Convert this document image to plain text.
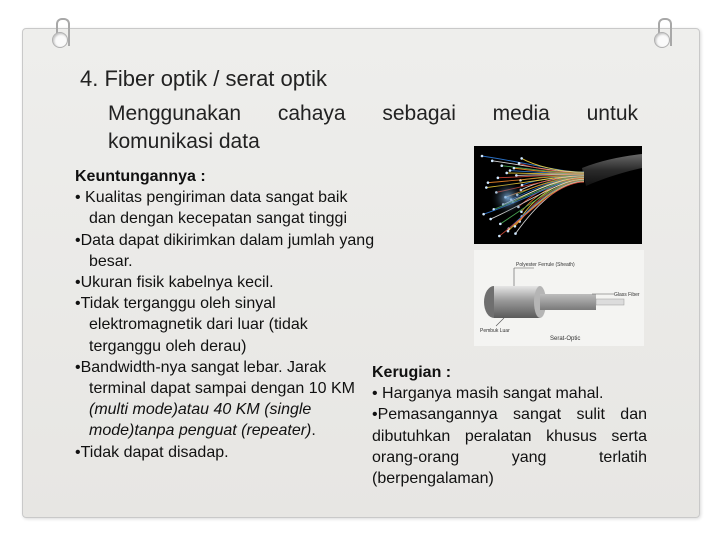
4. Fiber optik / serat optik

Menggunakan cahaya sebagai media untuk
komunikasi data

Keuntungannya :

• Kualitas pengiriman data sangat baik dan dengan kecepatan sangat tinggi

•Data dapat dikirimkan dalam jumlah yang besar.

•Ukuran fisik kabelnya kecil.

•Tidak terganggu oleh sinyal elektromagnetik dari luar (tidak terganggu oleh derau)

•Bandwidth-nya sangat lebar. Jarak terminal dapat sampai dengan 10 KM (multi mode)atau 40 KM (single mode)tanpa penguat (repeater).

•Tidak dapat disadap.

Kerugian :

• Harganya masih sangat mahal.

•Pemasangannya sangat sulit dan dibutuhkan peralatan khusus serta orang-orang yang terlatih (berpengalaman)

Polyester Ferrule (Sheath)
Glass Fiber
Pembuk Luar
Serat-Optic
